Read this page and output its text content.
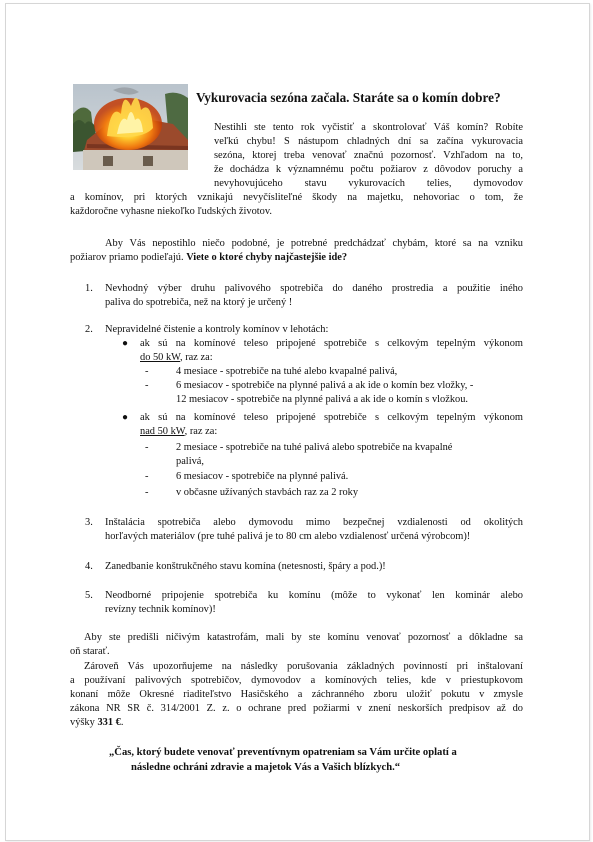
Vykurovacia sezóna začala. Staráte sa o komín dobre?
Nestihli ste tento rok vyčistiť a skontrolovať Váš komín? Robíte
veľkú chybu! S nástupom chladných dní sa začína vykurovacia
sezóna, ktorej treba venovať značnú pozornosť. Vzhľadom na to,
že dochádza k významnému počtu požiarov z dôvodov poruchy a
nevyhovujúceho stavu vykurovacích telies, dymovodov
a komínov, pri ktorých vznikajú nevyčísliteľné škody na majetku, nehovoriac o tom, že
každoročne vyhasne niekoľko ľudských životov.
Aby Vás nepostihlo niečo podobné, je potrebné predchádzať chybám, ktoré sa na vzniku
požiarov priamo podieľajú. Viete o ktoré chyby najčastejšie ide?
1. Nevhodný výber druhu palivového spotrebiča do daného prostredia a použitie iného
paliva do spotrebiča, než na ktorý je určený !
2. Nepravidelné čistenie a kontroly komínov v lehotách:
● ak sú na komínové teleso pripojené spotrebiče s celkovým tepelným výkonom
do 50 kW, raz za:
-	4 mesiace - spotrebiče na tuhé alebo kvapalné palivá,
-	6 mesiacov - spotrebiče na plynné palivá a ak ide o komín bez vložky, -
12 mesiacov - spotrebiče na plynné palivá a ak ide o komín s vložkou.
● ak sú na komínové teleso pripojené spotrebiče s celkovým tepelným výkonom
nad 50 kW, raz za:
-	2 mesiace - spotrebiče na tuhé palivá alebo spotrebiče na kvapalné
palivá,
-	6 mesiacov - spotrebiče na plynné palivá.
-	v občasne užívaných stavbách raz za 2 roky
3. Inštalácia spotrebiča alebo dymovodu mimo bezpečnej vzdialenosti od okolitých
horľavých materiálov (pre tuhé palivá je to 80 cm alebo vzdialenosť určená výrobcom)!
4. Zanedbanie konštrukčného stavu komína (netesnosti, špáry a pod.)!
5. Neodborné pripojenie spotrebiča ku komínu (môže to vykonať len kominár alebo
revízny technik komínov)!
Aby ste predišli ničivým katastrofám, mali by ste komínu venovať pozornosť a dôkladne sa
oň starať.
Zároveň Vás upozorňujeme na následky porušovania základných povinností pri inštalovaní
a používaní palivových spotrebičov, dymovodov a komínových telies, kde v priestupkovom
konaní môže Okresné riaditeľstvo Hasičského a záchranného zboru uložiť pokutu v zmysle
zákona NR SR č. 314/2001 Z. z. o ochrane pred požiarmi v znení neskorších predpisov až do
výšky 331 €.
„Čas, ktorý budete venovať preventívnym opatreniam sa Vám určite oplatí a
následne ochráni zdravie a majetok Vás a Vašich blízkych.“
